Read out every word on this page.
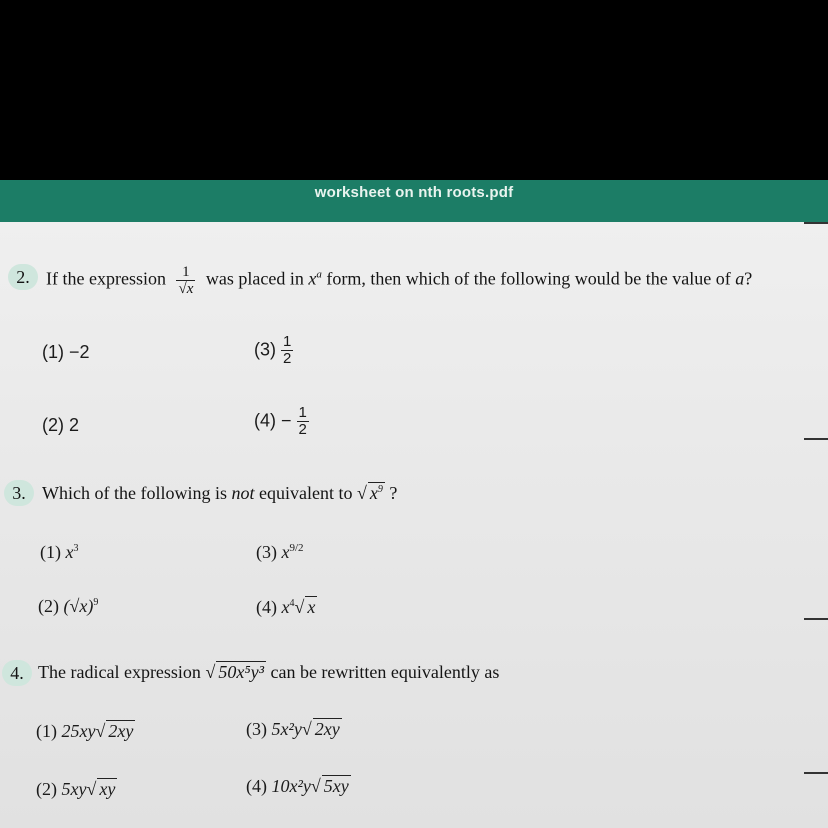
worksheet on nth roots.pdf
2. If the expression $\frac{1}{√x}$ was placed in $x^a$ form, then which of the following would be the value of a?
(1) −2	$(3) \frac{1}{2}$
(2) 2	$(4) - \frac{1}{2}$
3. Which of the following is not equivalent to √ $x^9$ ?
(1) $x^3$	(3) $x^{9/2}$
(2) $(√x)^9$	(4) $x^4√$ x
4. The radical expression √ 50x⁵y³ can be rewritten equivalently as
(1) 25xy√ 2xy	(3) 5x²y√ 2xy
(2) 5xy√ xy	(4) 10x²y√ 5xy
